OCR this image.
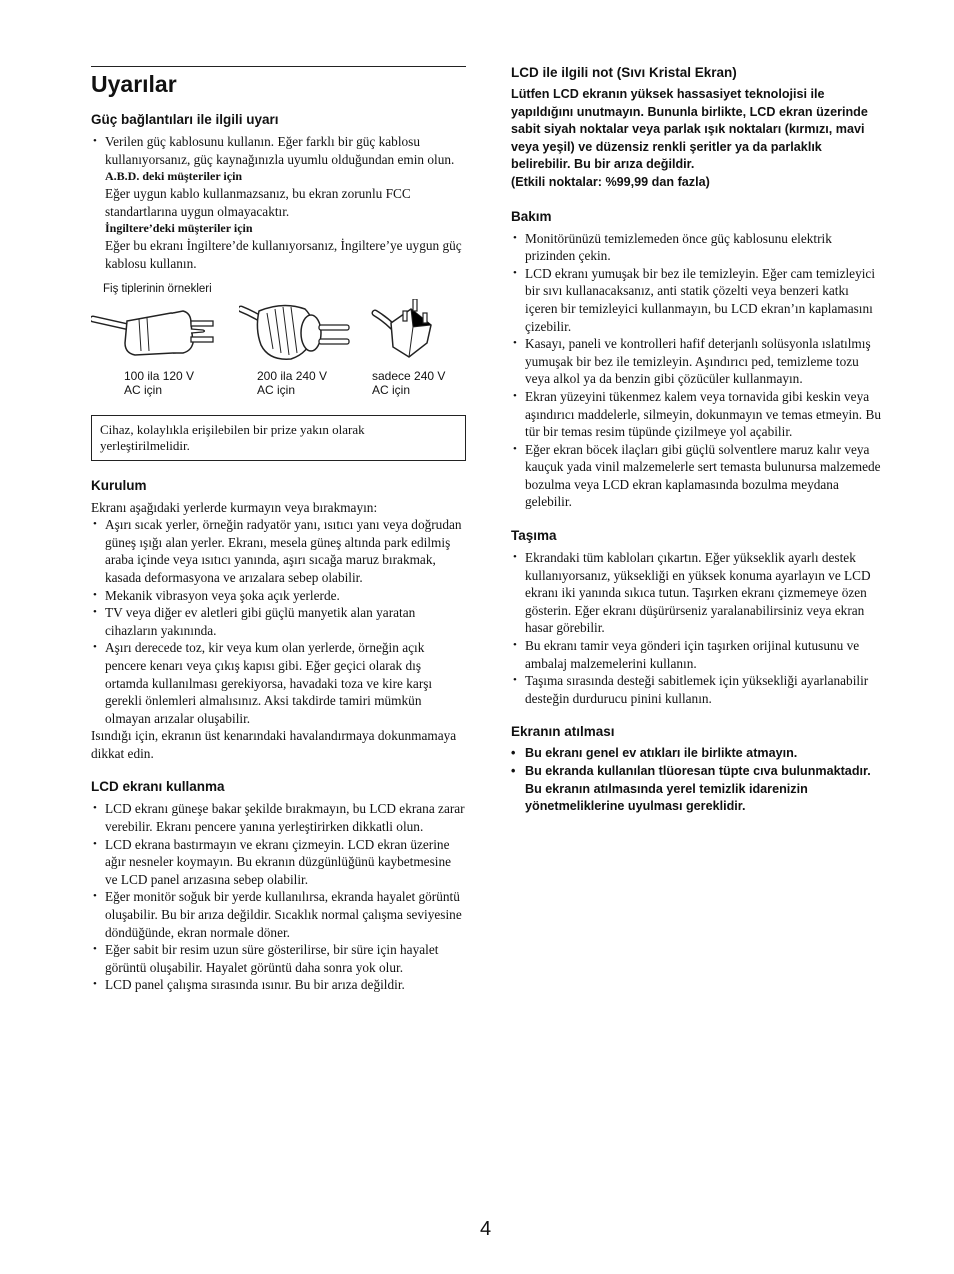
Uyarılar
Güç bağlantıları ile ilgili uyarı
• Verilen güç kablosunu kullanın. Eğer farklı bir güç kablosu kullanıyorsanız, güç kaynağınızla uyumlu olduğundan emin olun.
A.B.D. deki müşteriler için
Eğer uygun kablo kullanmazsanız, bu ekran zorunlu FCC standartlarına uygun olmayacaktır.
İngiltere’deki müşteriler için
Eğer bu ekranı İngiltere’de kullanıyorsanız, İngiltere’ye uygun güç kablosu kullanın.
Fiş tiplerinin örnekleri
100 ila 120 V
AC için
200 ila 240 V
AC için
sadece 240 V
AC için
Cihaz, kolaylıkla erişilebilen bir prize yakın olarak yerleştirilmelidir.
Kurulum
Ekranı aşağıdaki yerlerde kurmayın veya bırakmayın:
• Aşırı sıcak yerler, örneğin radyatör yanı, ısıtıcı yanı veya doğrudan güneş ışığı alan yerler. Ekranı, mesela güneş altında park edilmiş araba içinde veya ısıtıcı yanında, aşırı sıcağa maruz bırakmak, kasada deformasyona ve arızalara sebep olabilir.
• Mekanik vibrasyon veya şoka açık yerlerde.
• TV veya diğer ev aletleri gibi güçlü manyetik alan yaratan cihazların yakınında.
• Aşırı derecede toz, kir veya kum olan yerlerde, örneğin açık pencere kenarı veya çıkış kapısı gibi. Eğer geçici olarak dış ortamda kullanılması gerekiyorsa, havadaki toza ve kire karşı gerekli önlemleri almalısınız. Aksi takdirde tamiri mümkün olmayan arızalar oluşabilir.
Isındığı için, ekranın üst kenarındaki havalandırmaya dokunmamaya dikkat edin.
LCD ekranı kullanma
• LCD ekranı güneşe bakar şekilde bırakmayın, bu LCD ekrana zarar verebilir. Ekranı pencere yanına yerleştirirken dikkatli olun.
• LCD ekrana bastırmayın ve ekranı çizmeyin. LCD ekran üzerine ağır nesneler koymayın. Bu ekranın düzgünlüğünü kaybetmesine ve LCD panel arızasına sebep olabilir.
• Eğer monitör soğuk bir yerde kullanılırsa, ekranda hayalet görüntü oluşabilir. Bu bir arıza değildir. Sıcaklık normal çalışma seviyesine döndüğünde, ekran normale döner.
• Eğer sabit bir resim uzun süre gösterilirse, bir süre için hayalet görüntü oluşabilir. Hayalet görüntü daha sonra yok olur.
• LCD panel çalışma sırasında ısınır. Bu bir arıza değildir.
LCD ile ilgili not (Sıvı Kristal Ekran)
Lütfen LCD ekranın yüksek hassasiyet teknolojisi ile yapıldığını unutmayın. Bununla birlikte, LCD ekran üzerinde sabit siyah noktalar veya parlak ışık noktaları (kırmızı, mavi veya yeşil) ve düzensiz renkli şeritler ya da parlaklık belirebilir. Bu bir arıza değildir.
(Etkili noktalar: %99,99 dan fazla)
Bakım
• Monitörünüzü temizlemeden önce güç kablosunu elektrik prizinden çekin.
• LCD ekranı yumuşak bir bez ile temizleyin. Eğer cam temizleyici bir sıvı kullanacaksanız, anti statik çözelti veya benzeri katkı içeren bir temizleyici kullanmayın, bu LCD ekran’ın kaplamasını çizebilir.
• Kasayı, paneli ve kontrolleri hafif deterjanlı solüsyonla ıslatılmış yumuşak bir bez ile temizleyin. Aşındırıcı ped, temizleme tozu veya alkol ya da benzin gibi çözücüler kullanmayın.
• Ekran yüzeyini tükenmez kalem veya tornavida gibi keskin veya aşındırıcı maddelerle, silmeyin, dokunmayın ve temas etmeyin. Bu tür bir temas resim tüpünde çizilmeye yol açabilir.
• Eğer ekran böcek ilaçları gibi güçlü solventlere maruz kalır veya kauçuk yada vinil malzemelerle sert temasta bulunursa malzemede bozulma veya LCD ekran kaplamasında bozulma meydana gelebilir.
Taşıma
• Ekrandaki tüm kabloları çıkartın. Eğer yükseklik ayarlı destek kullanıyorsanız, yüksekliği en yüksek konuma ayarlayın ve LCD ekranı iki yanında sıkıca tutun. Taşırken ekranı çizmemeye özen gösterin. Eğer ekranı düşürürseniz yaralanabilirsiniz veya ekran hasar görebilir.
• Bu ekranı tamir veya gönderi için taşırken orijinal kutusunu ve ambalaj malzemelerini kullanın.
• Taşıma sırasında desteği sabitlemek için yüksekliği ayarlanabilir desteğin durdurucu pinini kullanın.
Ekranın atılması
• Bu ekranı genel ev atıkları ile birlikte atmayın.
• Bu ekranda kullanılan tlüoresan tüpte cıva bulunmaktadır. Bu ekranın atılmasında yerel temizlik idarenizin yönetmeliklerine uyulması gereklidir.
4
